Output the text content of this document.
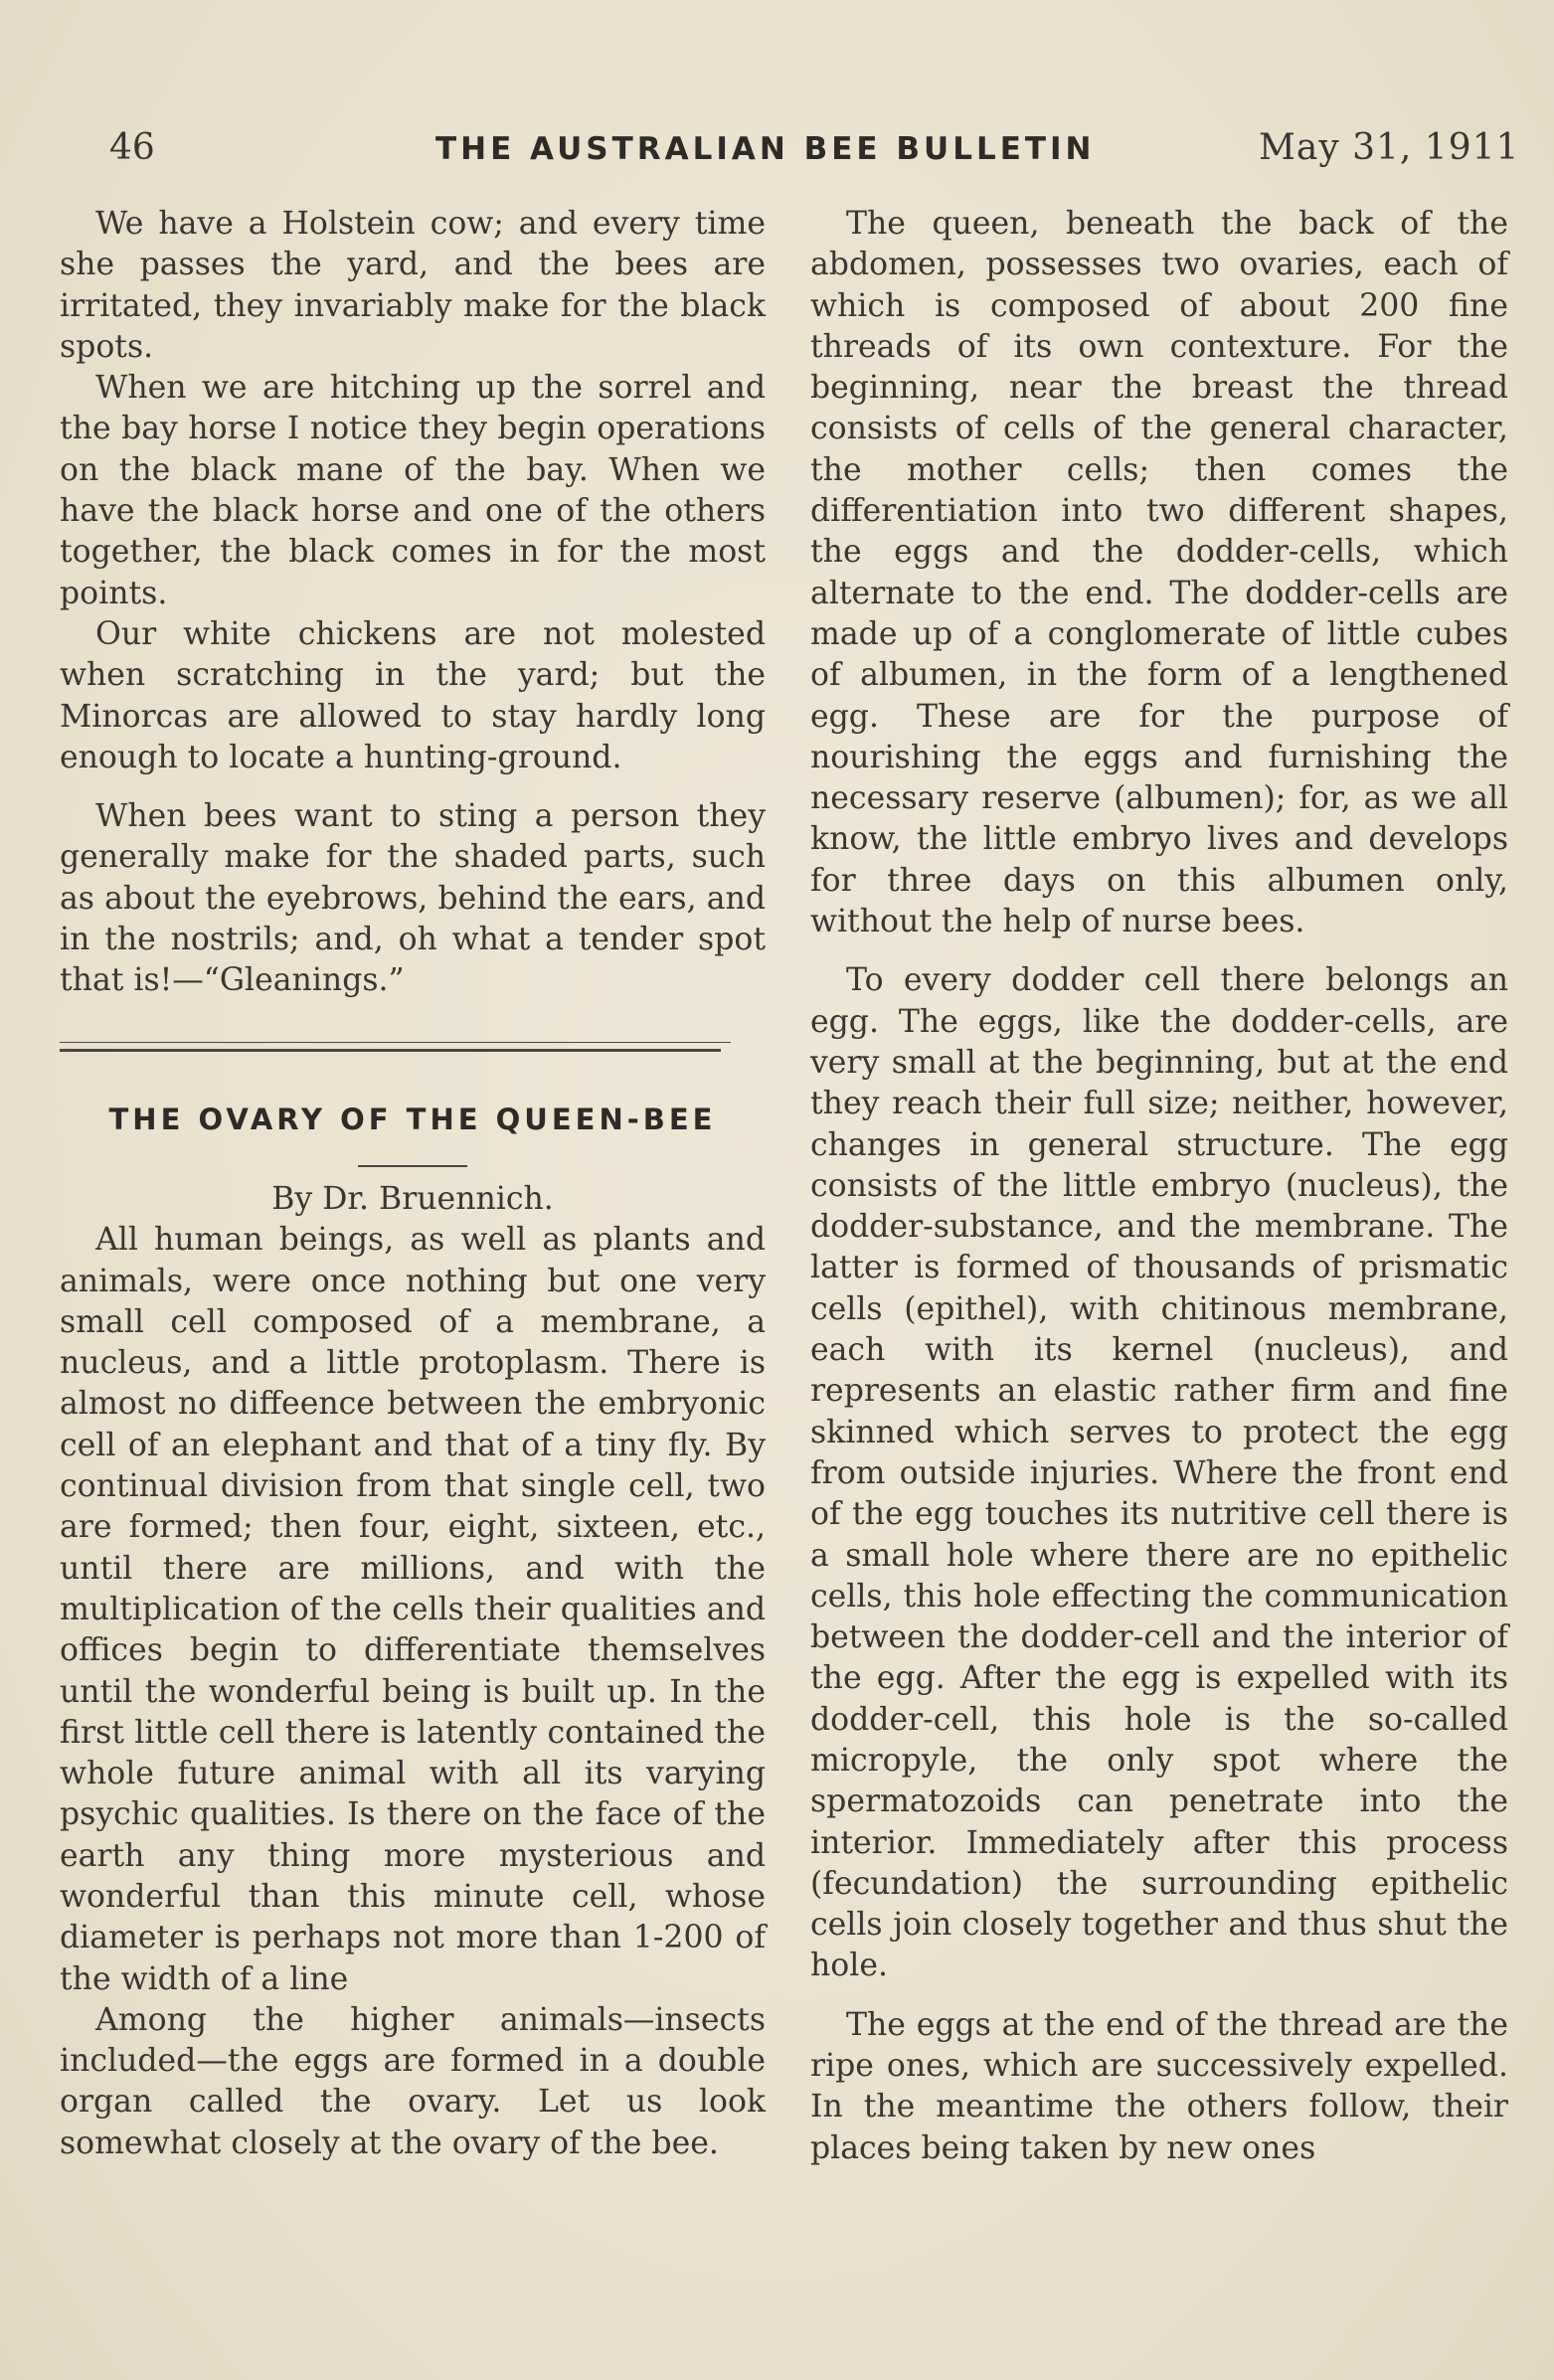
46	THE AUSTRALIAN BEE BULLETIN	May 31, 1911

We have a Holstein cow; and every time she passes the yard, and the bees are irritated, they invariably make for the black spots.

When we are hitching up the sorrel and the bay horse I notice they begin operations on the black mane of the bay. When we have the black horse and one of the others together, the black comes in for the most points.

Our white chickens are not molested when scratching in the yard; but the Minorcas are allowed to stay hardly long enough to locate a hunting-ground.

When bees want to sting a person they generally make for the shaded parts, such as about the eyebrows, behind the ears, and in the nostrils; and, oh what a tender spot that is!—“Gleanings.”

THE OVARY OF THE QUEEN-BEE

By Dr. Bruennich.

All human beings, as well as plants and animals, were once nothing but one very small cell composed of a membrane, a nucleus, and a little protoplasm. There is almost no diffeence between the embryonic cell of an elephant and that of a tiny fly. By continual division from that single cell, two are formed; then four, eight, sixteen, etc., until there are millions, and with the multiplication of the cells their qualities and offices begin to differentiate themselves until the wonderful being is built up. In the first little cell there is latently contained the whole future animal with all its varying psychic qualities. Is there on the face of the earth any thing more mysterious and wonderful than this minute cell, whose diameter is perhaps not more than 1-200 of the width of a line

Among the higher animals—insects included—the eggs are formed in a double organ called the ovary. Let us look somewhat closely at the ovary of the bee.

The queen, beneath the back of the abdomen, possesses two ovaries, each of which is composed of about 200 fine threads of its own contexture. For the beginning, near the breast the thread consists of cells of the general character, the mother cells; then comes the differentiation into two different shapes, the eggs and the dodder-cells, which alternate to the end. The dodder-cells are made up of a conglomerate of little cubes of albumen, in the form of a lengthened egg. These are for the purpose of nourishing the eggs and furnishing the necessary reserve (albumen); for, as we all know, the little embryo lives and develops for three days on this albumen only, without the help of nurse bees.

To every dodder cell there belongs an egg. The eggs, like the dodder-cells, are very small at the beginning, but at the end they reach their full size; neither, however, changes in general structure. The egg consists of the little embryo (nucleus), the dodder-substance, and the membrane. The latter is formed of thousands of prismatic cells (epithel), with chitinous membrane, each with its kernel (nucleus), and represents an elastic rather firm and fine skinned which serves to protect the egg from outside injuries. Where the front end of the egg touches its nutritive cell there is a small hole where there are no epithelic cells, this hole effecting the communication between the dodder-cell and the interior of the egg. After the egg is expelled with its dodder-cell, this hole is the so-called micropyle, the only spot where the spermatozoids can penetrate into the interior. Immediately after this process (fecundation) the surrounding epithelic cells join closely together and thus shut the hole.

The eggs at the end of the thread are the ripe ones, which are successively expelled. In the meantime the others follow, their places being taken by new ones
